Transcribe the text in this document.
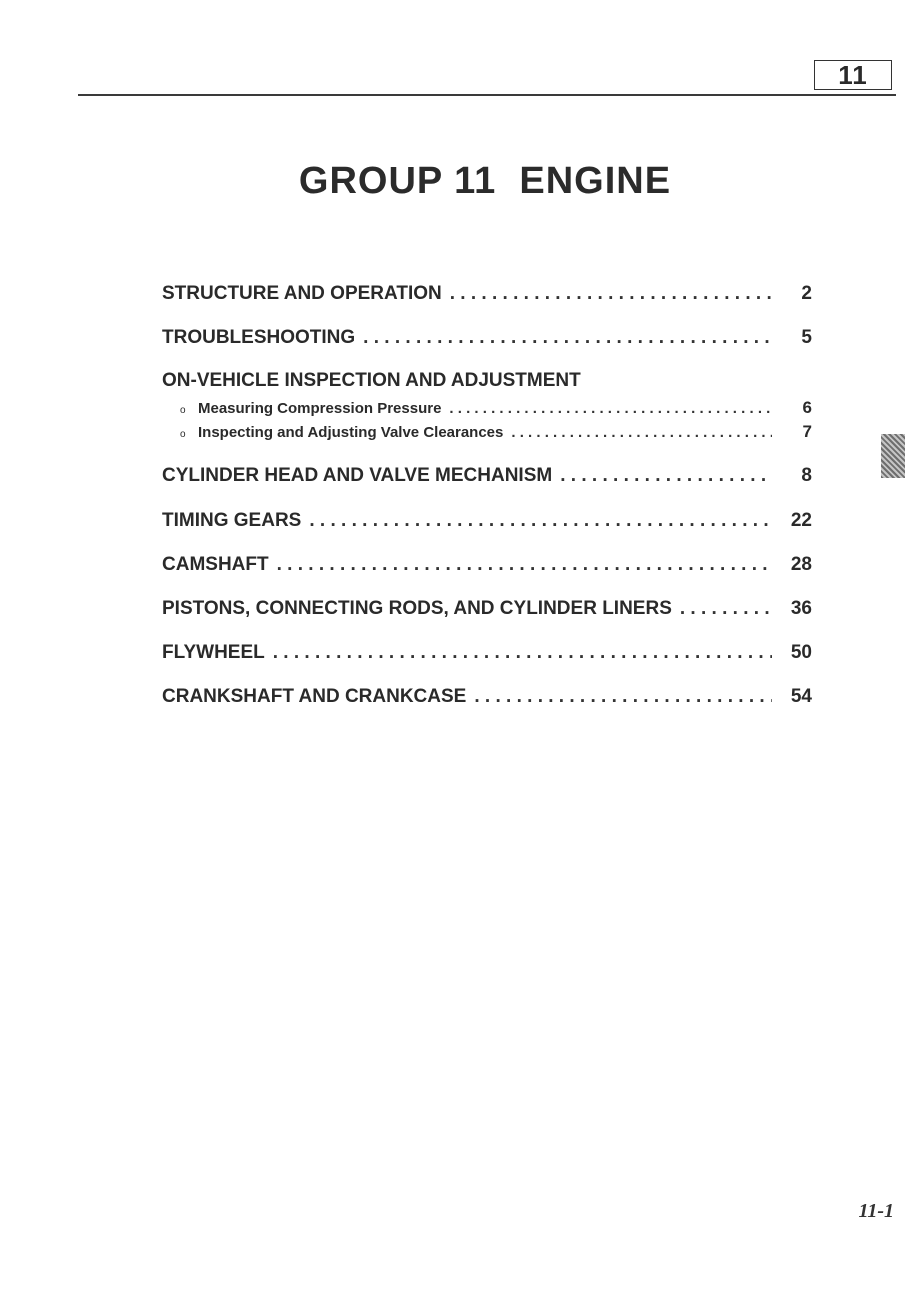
11
GROUP 11  ENGINE
STRUCTURE AND OPERATION . . .	2
TROUBLESHOOTING . . .	5
ON-VEHICLE INSPECTION AND ADJUSTMENT
o Measuring Compression Pressure . . .	6
o Inspecting and Adjusting Valve Clearances . . .	7
CYLINDER HEAD AND VALVE MECHANISM . . .	8
TIMING GEARS . . .	22
CAMSHAFT . . .	28
PISTONS, CONNECTING RODS, AND CYLINDER LINERS . . .	36
FLYWHEEL . . .	50
CRANKSHAFT AND CRANKCASE . . .	54
11-1
